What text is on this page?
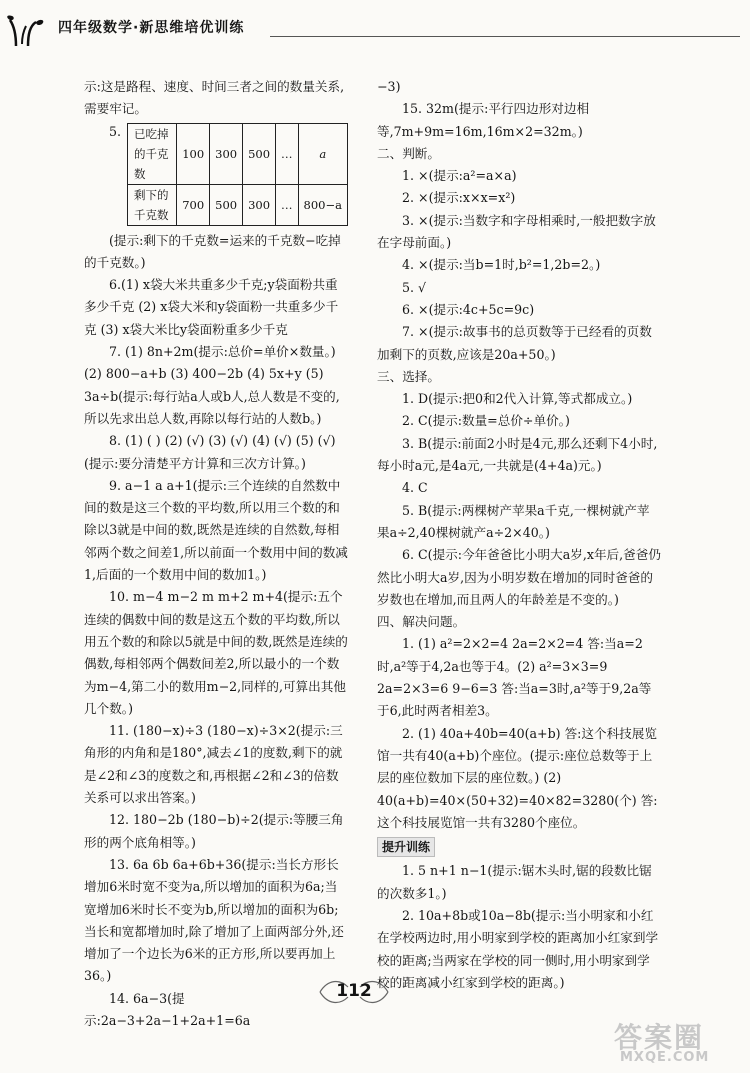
四年级数学·新思维培优训练

示:这是路程、速度、时间三者之间的数量关系,需要牢记。

5. 已吃掉的千克数	100	300	500	…	a
剩下的千克数	700	500	300	…	800−a

(提示:剩下的千克数=运来的千克数−吃掉的千克数。)

6.(1) x袋大米共重多少千克;y袋面粉共重多少千克 (2) x袋大米和y袋面粉一共重多少千克 (3) x袋大米比y袋面粉重多少千克

7. (1) 8n+2m(提示:总价=单价×数量。) (2) 800−a+b (3) 400−2b (4) 5x+y (5) 3a÷b(提示:每行站a人或b人,总人数是不变的,所以先求出总人数,再除以每行站的人数b。)

8. (1) ( ) (2) (√) (3) (√) (4) (√) (5) (√)(提示:要分清楚平方计算和三次方计算。)

9. a−1 a a+1(提示:三个连续的自然数中间的数是这三个数的平均数,所以用三个数的和除以3就是中间的数,既然是连续的自然数,每相邻两个数之间差1,所以前面一个数用中间的数减1,后面的一个数用中间的数加1。)

10. m−4 m−2 m m+2 m+4(提示:五个连续的偶数中间的数是这五个数的平均数,所以用五个数的和除以5就是中间的数,既然是连续的偶数,每相邻两个偶数间差2,所以最小的一个数为m−4,第二小的数用m−2,同样的,可算出其他几个数。)

11. (180−x)÷3 (180−x)÷3×2(提示:三角形的内角和是180°,减去∠1的度数,剩下的就是∠2和∠3的度数之和,再根据∠2和∠3的倍数关系可以求出答案。)

12. 180−2b (180−b)÷2(提示:等腰三角形的两个底角相等。)

13. 6a 6b 6a+6b+36(提示:当长方形长增加6米时宽不变为a,所以增加的面积为6a;当宽增加6米时长不变为b,所以增加的面积为6b;当长和宽都增加时,除了增加了上面两部分外,还增加了一个边长为6米的正方形,所以要再加上36。)

14. 6a−3(提示:2a−3+2a−1+2a+1=6a

−3)

15. 32m(提示:平行四边形对边相等,7m+9m=16m,16m×2=32m。)

二、判断。

1. ×(提示:a²=a×a)

2. ×(提示:x×x=x²)

3. ×(提示:当数字和字母相乘时,一般把数字放在字母前面。)

4. ×(提示:当b=1时,b²=1,2b=2。)

5. √

6. ×(提示:4c+5c=9c)

7. ×(提示:故事书的总页数等于已经看的页数加剩下的页数,应该是20a+50。)

三、选择。

1. D(提示:把0和2代入计算,等式都成立。)

2. C(提示:数量=总价÷单价。)

3. B(提示:前面2小时是4元,那么还剩下4小时,每小时a元,是4a元,一共就是(4+4a)元。)

4. C

5. B(提示:两棵树产苹果a千克,一棵树就产苹果a÷2,40棵树就产a÷2×40。)

6. C(提示:今年爸爸比小明大a岁,x年后,爸爸仍然比小明大a岁,因为小明岁数在增加的同时爸爸的岁数也在增加,而且两人的年龄差是不变的。)

四、解决问题。

1. (1) a²=2×2=4 2a=2×2=4 答:当a=2时,a²等于4,2a也等于4。(2) a²=3×3=9 2a=2×3=6 9−6=3 答:当a=3时,a²等于9,2a等于6,此时两者相差3。

2. (1) 40a+40b=40(a+b) 答:这个科技展览馆一共有40(a+b)个座位。(提示:座位总数等于上层的座位数加下层的座位数。) (2) 40(a+b)=40×(50+32)=40×82=3280(个) 答:这个科技展览馆一共有3280个座位。

提升训练

1. 5 n+1 n−1(提示:锯木头时,锯的段数比锯的次数多1。)

2. 10a+8b或10a−8b(提示:当小明家和小红在学校两边时,用小明家到学校的距离加小红家到学校的距离;当两家在学校的同一侧时,用小明家到学校的距离减小红家到学校的距离。)

112
答案圈
MXQE.COM
